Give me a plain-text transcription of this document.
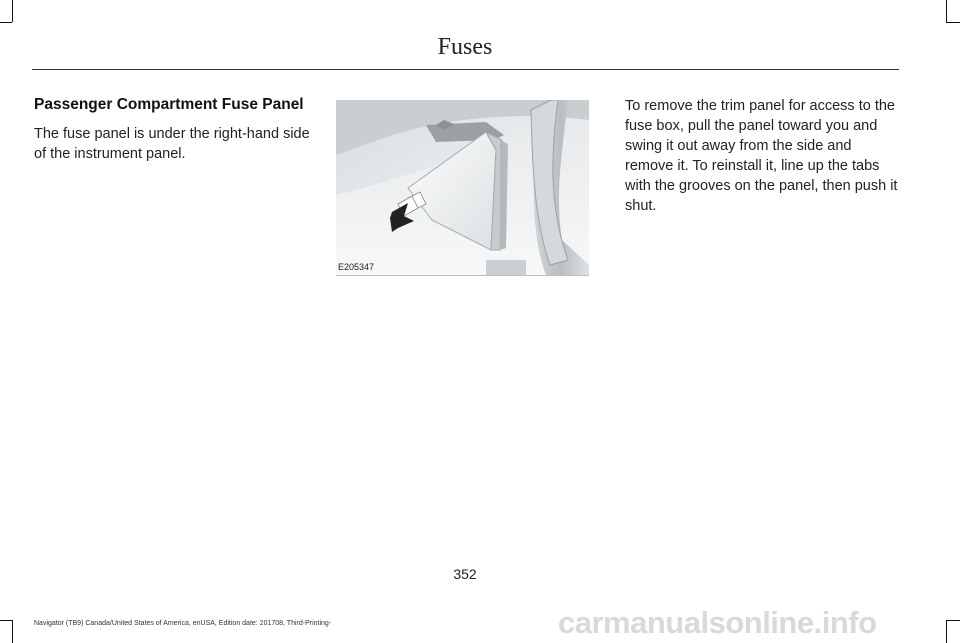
Fuses
Passenger Compartment Fuse Panel

The fuse panel is under the right-hand side of the instrument panel.

E205347

To remove the trim panel for access to the fuse box, pull the panel toward you and swing it out away from the side and remove it. To reinstall it, line up the tabs with the grooves on the panel, then push it shut.

352
Navigator (TB9) Canada/United States of America, enUSA, Edition date: 201708, Third-Printing-	carmanualsonline.info
